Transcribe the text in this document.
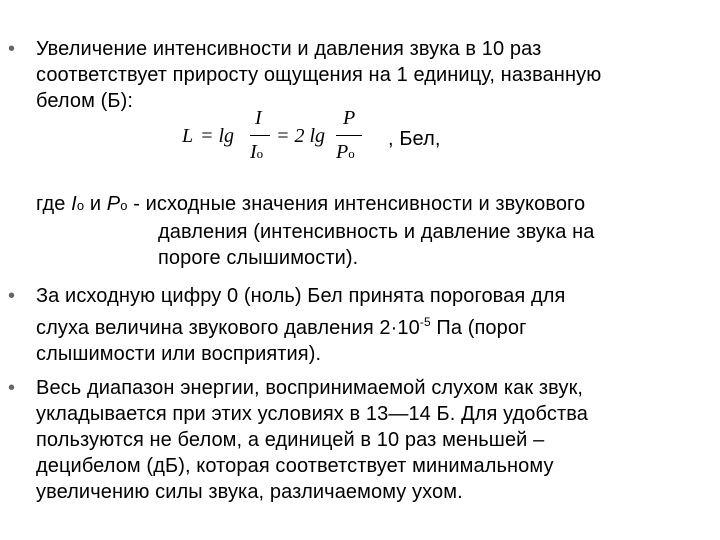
• Увеличение интенсивности и давления звука в 10 раз
соответствует приросту ощущения на 1 единицу, названную
белом (Б):
L = lg
I
Iо
= 2 lg
P
Pо
, Бел,
где Iо и Pо - исходные значения интенсивности и звукового
давления (интенсивность и давление звука на
пороге слышимости).
• За исходную цифру 0 (ноль) Бел принята пороговая для
слуха величина звукового давления $2\cdot 10^{-5}$ Па (порог
слышимости или восприятия).
• Весь диапазон энергии, воспринимаемой слухом как звук,
укладывается при этих условиях в 13—14 Б. Для удобства
пользуются не белом, а единицей в 10 раз меньшей –
децибелом (дБ), которая соответствует минимальному
увеличению силы звука, различаемому ухом.
